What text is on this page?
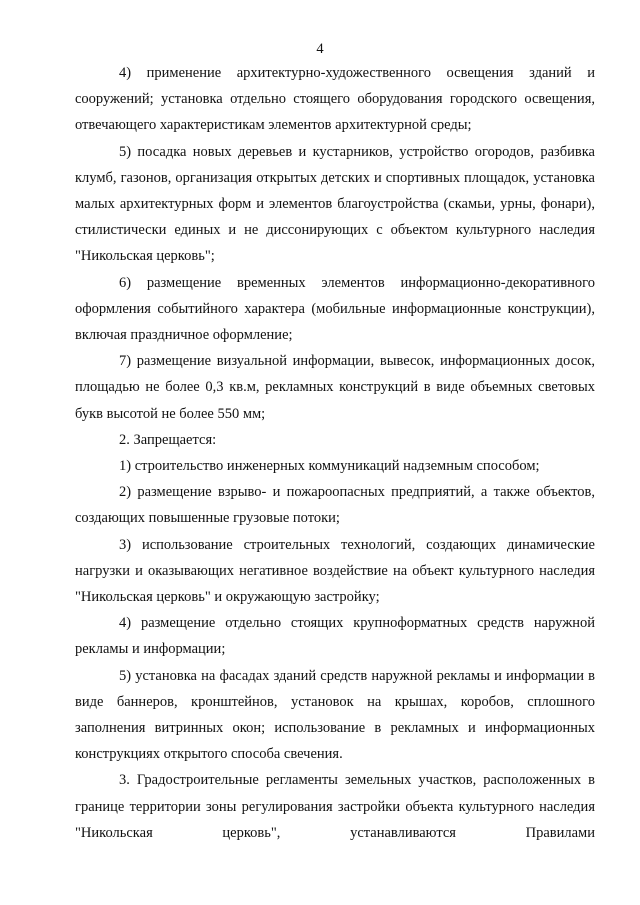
4

4) применение архитектурно-художественного освещения зданий и сооружений; установка отдельно стоящего оборудования городского освещения, отвечающего характеристикам элементов архитектурной среды;

5) посадка новых деревьев и кустарников, устройство огородов, разбивка клумб, газонов, организация открытых детских и спортивных площадок, установка малых архитектурных форм и элементов благоустройства (скамьи, урны, фонари), стилистически единых и не диссонирующих с объектом культурного наследия "Никольская церковь";

6) размещение временных элементов информационно-декоративного оформления событийного характера (мобильные информационные конструкции), включая праздничное оформление;

7) размещение визуальной информации, вывесок, информационных досок, площадью не более 0,3 кв.м, рекламных конструкций в виде объемных световых букв высотой не более 550 мм;

2. Запрещается:

1) строительство инженерных коммуникаций надземным способом;

2) размещение взрыво- и пожароопасных предприятий, а также объектов, создающих повышенные грузовые потоки;

3) использование строительных технологий, создающих динамические нагрузки и оказывающих негативное воздействие на объект культурного наследия "Никольская церковь" и окружающую застройку;

4) размещение отдельно стоящих крупноформатных средств наружной рекламы и информации;

5) установка на фасадах зданий средств наружной рекламы и информации в виде баннеров, кронштейнов, установок на крышах, коробов, сплошного заполнения витринных окон; использование в рекламных и информационных конструкциях открытого способа свечения.

3. Градостроительные регламенты земельных участков, расположенных в границе территории зоны регулирования застройки объекта культурного наследия "Никольская церковь", устанавливаются Правилами
